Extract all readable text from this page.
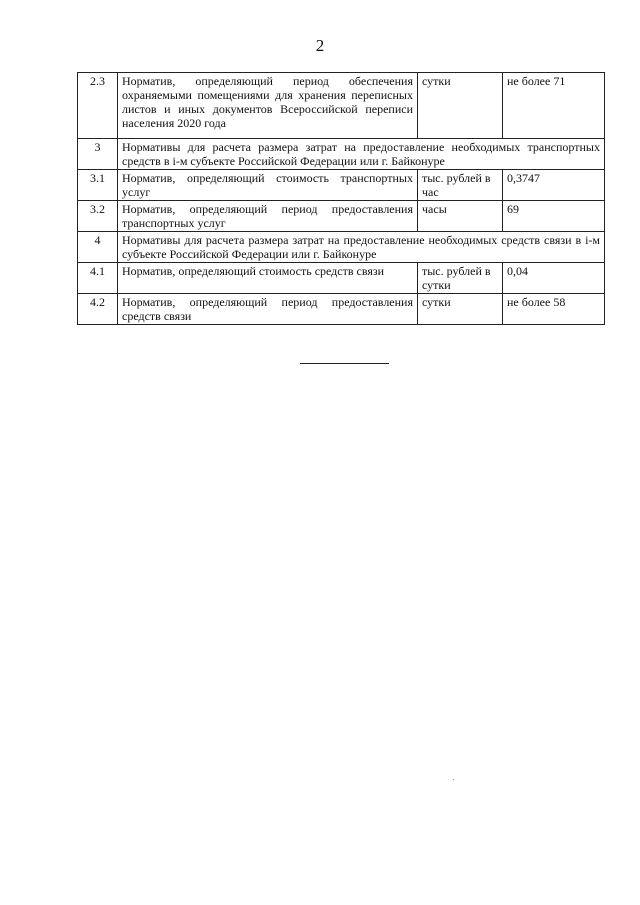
2
2.3	Норматив, определяющий период обеспечения охраняемыми помещениями для хранения переписных листов и иных документов Всероссийской переписи населения 2020 года	сутки	не более 71
3	Нормативы для расчета размера затрат на предоставление необходимых транспортных средств в i-м субъекте Российской Федерации или г. Байконуре		
3.1	Норматив, определяющий стоимость транспортных услуг	тыс. рублей в час	0,3747
3.2	Норматив, определяющий период предоставления транспортных услуг	часы	69
4	Нормативы для расчета размера затрат на предоставление необходимых средств связи в i-м субъекте Российской Федерации или г. Байконуре		
4.1	Норматив, определяющий стоимость средств связи	тыс. рублей в сутки	0,04
4.2	Норматив, определяющий период предоставления средств связи	сутки	не более 58
